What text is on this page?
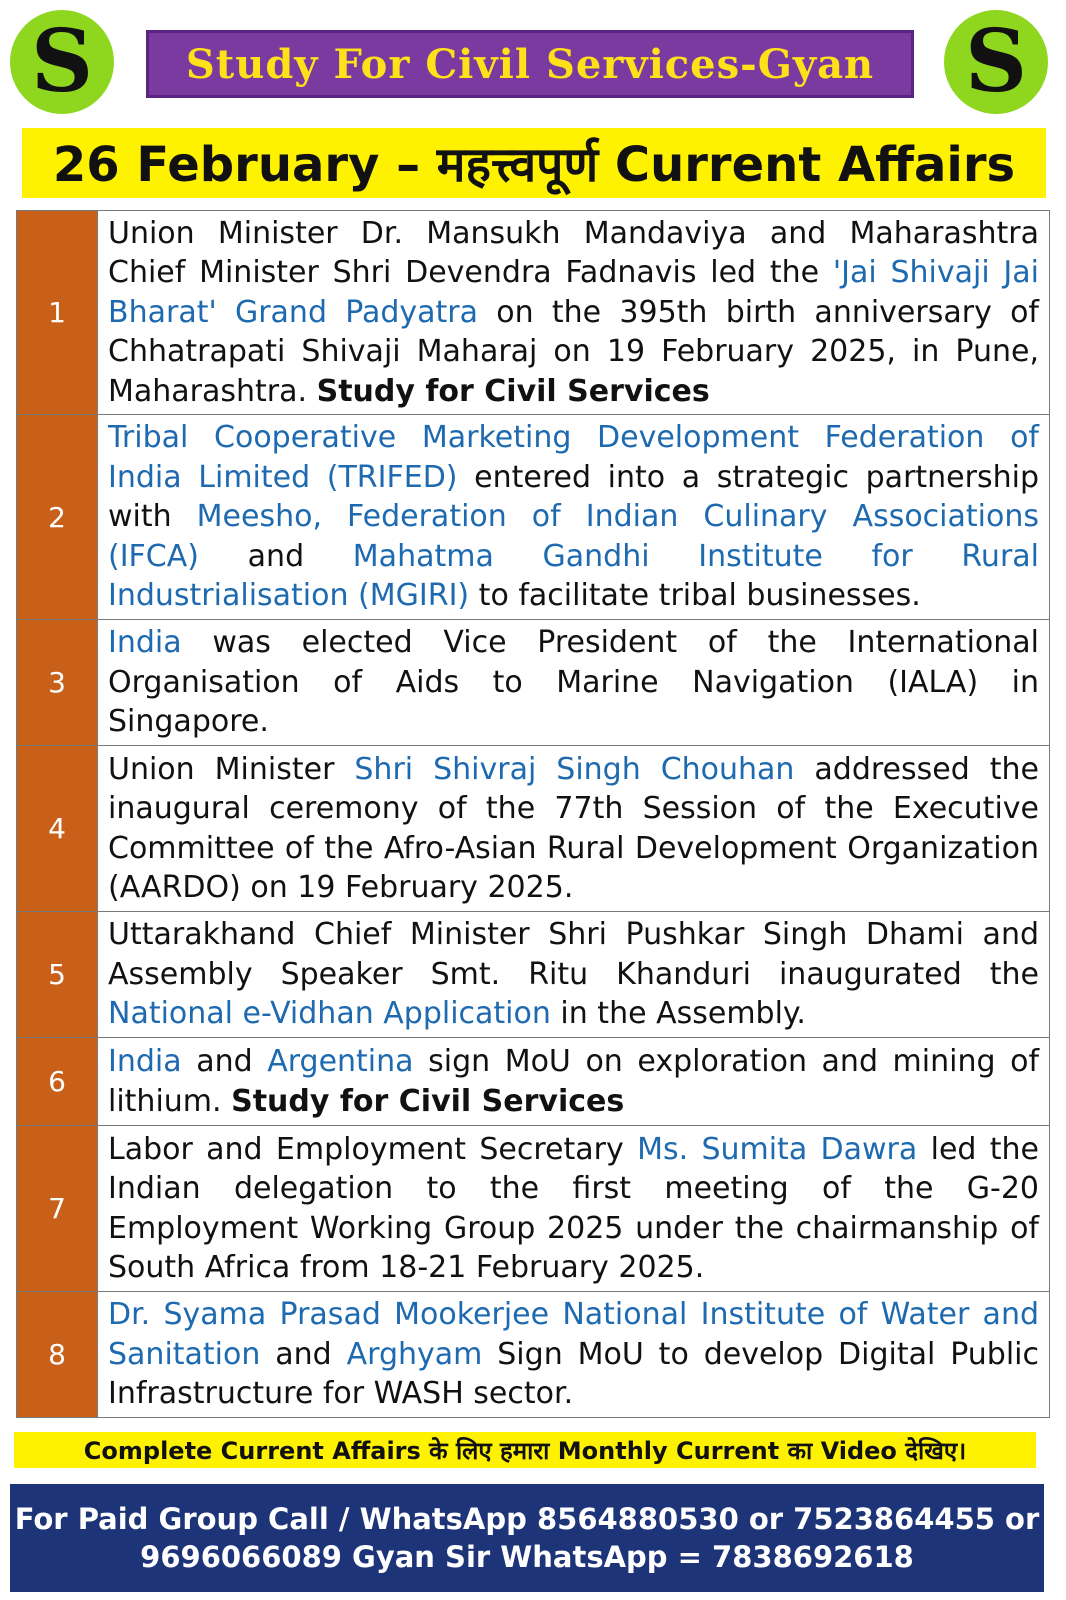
S	Study For Civil Services-Gyan	S
26 February – महत्त्वपूर्ण Current Affairs
1	Union Minister Dr. Mansukh Mandaviya and Maharashtra Chief Minister Shri Devendra Fadnavis led the 'Jai Shivaji Jai Bharat' Grand Padyatra on the 395th birth anniversary of Chhatrapati Shivaji Maharaj on 19 February 2025, in Pune, Maharashtra. Study for Civil Services
2	Tribal Cooperative Marketing Development Federation of India Limited (TRIFED) entered into a strategic partnership with Meesho, Federation of Indian Culinary Associations (IFCA) and Mahatma Gandhi Institute for Rural Industrialisation (MGIRI) to facilitate tribal businesses.
3	India was elected Vice President of the International Organisation of Aids to Marine Navigation (IALA) in Singapore.
4	Union Minister Shri Shivraj Singh Chouhan addressed the inaugural ceremony of the 77th Session of the Executive Committee of the Afro-Asian Rural Development Organization (AARDO) on 19 February 2025.
5	Uttarakhand Chief Minister Shri Pushkar Singh Dhami and Assembly Speaker Smt. Ritu Khanduri inaugurated the National e-Vidhan Application in the Assembly.
6	India and Argentina sign MoU on exploration and mining of lithium. Study for Civil Services
7	Labor and Employment Secretary Ms. Sumita Dawra led the Indian delegation to the first meeting of the G-20 Employment Working Group 2025 under the chairmanship of South Africa from 18-21 February 2025.
8	Dr. Syama Prasad Mookerjee National Institute of Water and Sanitation and Arghyam Sign MoU to develop Digital Public Infrastructure for WASH sector.
Complete Current Affairs के लिए हमारा Monthly Current का Video देखिए।
For Paid Group Call / WhatsApp 8564880530 or 7523864455 or
9696066089 Gyan Sir WhatsApp = 7838692618
